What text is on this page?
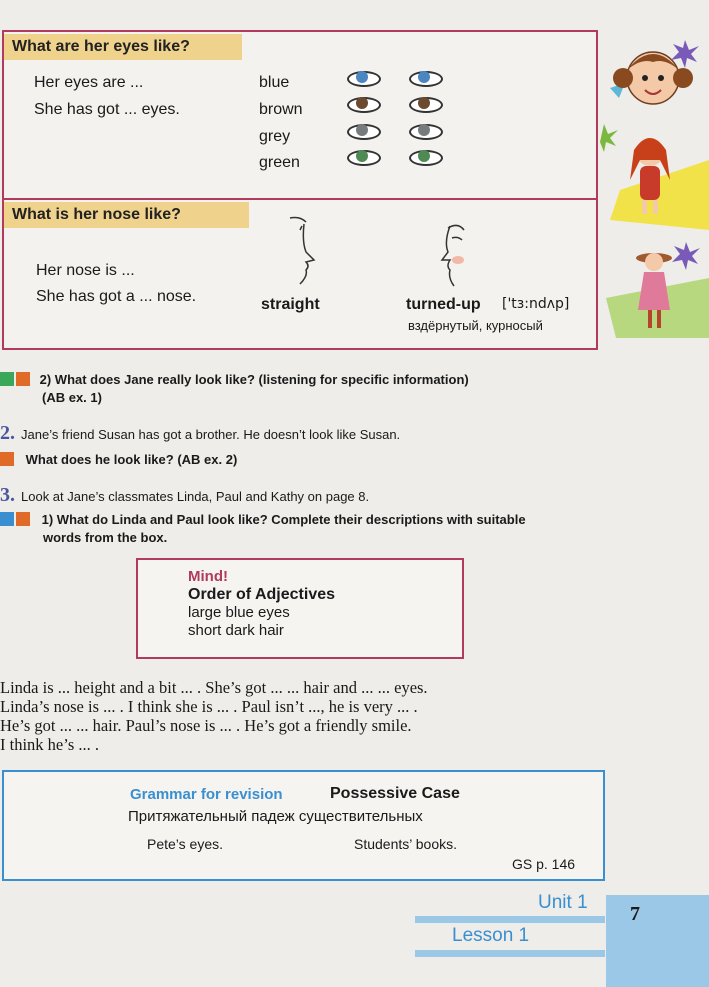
What are her eyes like?
Her eyes are ...
She has got ... eyes.
blue
brown
grey
green
What is her nose like?
Her nose is ...
She has got a ... nose.	straight	turned-up ['tɜ:ndʌp]
вздёрнутый, курносый
2) What does Jane really look like? (listening for specific information)
(AB ex. 1)
2. Jane’s friend Susan has got a brother. He doesn’t look like Susan.
What does he look like? (AB ex. 2)
3. Look at Jane’s classmates Linda, Paul and Kathy on page 8.
1) What do Linda and Paul look like? Complete their descriptions with suitable
words from the box.
Mind!
Order of Adjectives
large blue eyes
short dark hair
Linda is ... height and a bit ... . She’s got ... ... hair and ... ... eyes.
Linda’s nose is ... . I think she is ... . Paul isn’t ..., he is very ... .
He’s got ... ... hair. Paul’s nose is ... . He’s got a friendly smile.
I think he’s ... .
Grammar for revision	Possessive Case
Притяжательный падеж существительных
Pete’s eyes.	Students’ books.
GS p. 146
Unit 1
Lesson 1
7
